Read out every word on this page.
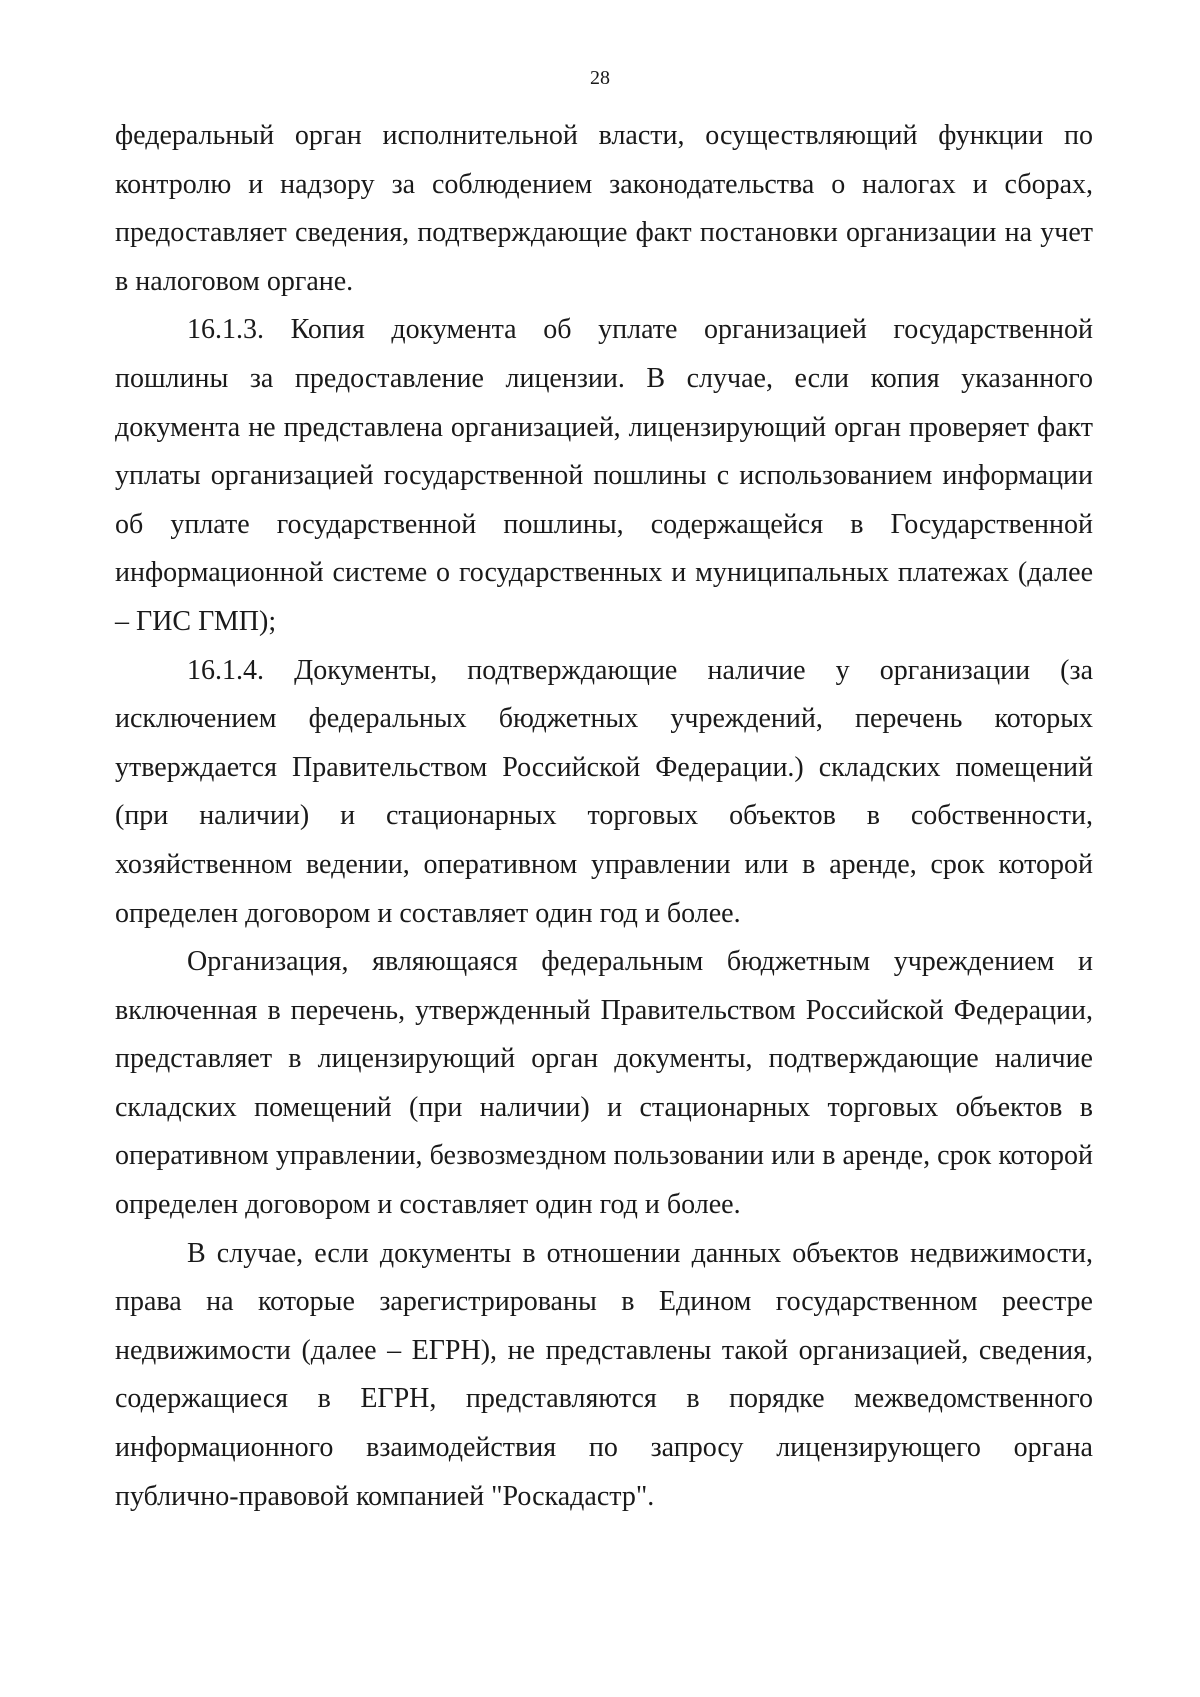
28

федеральный орган исполнительной власти, осуществляющий функции по контролю и надзору за соблюдением законодательства о налогах и сборах, предоставляет сведения, подтверждающие факт постановки организации на учет в налоговом органе.

16.1.3. Копия документа об уплате организацией государственной пошлины за предоставление лицензии. В случае, если копия указанного документа не представлена организацией, лицензирующий орган проверяет факт уплаты организацией государственной пошлины с использованием информации об уплате государственной пошлины, содержащейся в Государственной информационной системе о государственных и муниципальных платежах (далее – ГИС ГМП);

16.1.4. Документы, подтверждающие наличие у организации (за исключением федеральных бюджетных учреждений, перечень которых утверждается Правительством Российской Федерации.) складских помещений (при наличии) и стационарных торговых объектов в собственности, хозяйственном ведении, оперативном управлении или в аренде, срок которой определен договором и составляет один год и более.

Организация, являющаяся федеральным бюджетным учреждением и включенная в перечень, утвержденный Правительством Российской Федерации, представляет в лицензирующий орган документы, подтверждающие наличие складских помещений (при наличии) и стационарных торговых объектов в оперативном управлении, безвозмездном пользовании или в аренде, срок которой определен договором и составляет один год и более.

В случае, если документы в отношении данных объектов недвижимости, права на которые зарегистрированы в Едином государственном реестре недвижимости (далее – ЕГРН), не представлены такой организацией, сведения, содержащиеся в ЕГРН, представляются в порядке межведомственного информационного взаимодействия по запросу лицензирующего органа публично-правовой компанией "Роскадастр".
